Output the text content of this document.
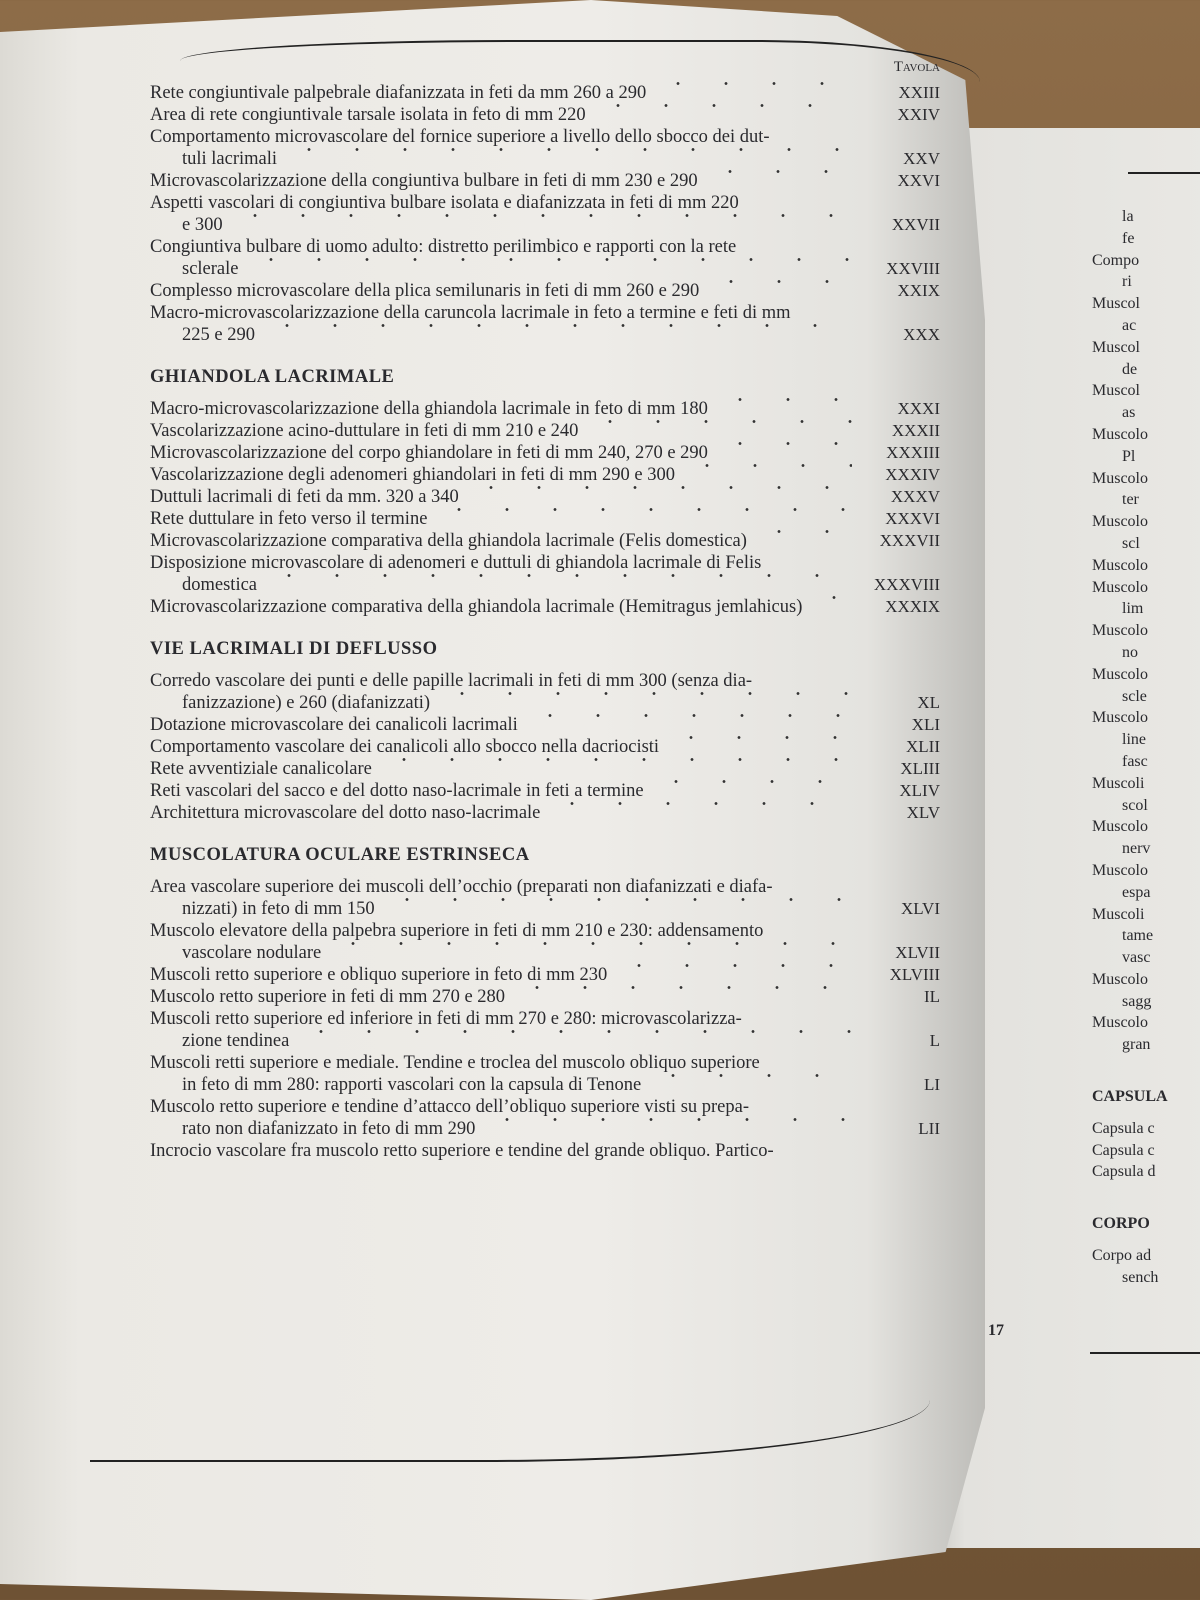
la
fe
Compo
ri
Muscol
ac
Muscol
de
Muscol
as
Muscolo
Pl
Muscolo
ter
Muscolo
scl
Muscolo
Muscolo
lim
Muscolo
no
Muscolo
scle
Muscolo
line
fasc
Muscoli
scol
Muscolo
nerv
Muscolo
espa
Muscoli
tame
vasc
Muscolo
sagg
Muscolo
gran
CAPSULA
Capsula c
Capsula c
Capsula d
CORPO
Corpo ad
sench
Tavola
Rete congiuntivale palpebrale diafanizzata in feti da mm 260 a 290	XXIII
Area di rete congiuntivale tarsale isolata in feto di mm 220	XXIV
Comportamento microvascolare del fornice superiore a livello dello sbocco dei dut-
tuli lacrimali	XXV
Microvascolarizzazione della congiuntiva bulbare in feti di mm 230 e 290	XXVI
Aspetti vascolari di congiuntiva bulbare isolata e diafanizzata in feti di mm 220
e 300	XXVII
Congiuntiva bulbare di uomo adulto: distretto perilimbico e rapporti con la rete
sclerale	XXVIII
Complesso microvascolare della plica semilunaris in feti di mm 260 e 290	XXIX
Macro-microvascolarizzazione della caruncola lacrimale in feto a termine e feti di mm
225 e 290	XXX
GHIANDOLA LACRIMALE
Macro-microvascolarizzazione della ghiandola lacrimale in feto di mm 180	XXXI
Vascolarizzazione acino-duttulare in feti di mm 210 e 240	XXXII
Microvascolarizzazione del corpo ghiandolare in feti di mm 240, 270 e 290	XXXIII
Vascolarizzazione degli adenomeri ghiandolari in feti di mm 290 e 300	XXXIV
Duttuli lacrimali di feti da mm. 320 a 340	XXXV
Rete duttulare in feto verso il termine	XXXVI
Microvascolarizzazione comparativa della ghiandola lacrimale (Felis domestica)	XXXVII
Disposizione microvascolare di adenomeri e duttuli di ghiandola lacrimale di Felis
domestica	XXXVIII
Microvascolarizzazione comparativa della ghiandola lacrimale (Hemitragus jemlahicus)	XXXIX
VIE LACRIMALI DI DEFLUSSO
Corredo vascolare dei punti e delle papille lacrimali in feti di mm 300 (senza dia-
fanizzazione) e 260 (diafanizzati)	XL
Dotazione microvascolare dei canalicoli lacrimali	XLI
Comportamento vascolare dei canalicoli allo sbocco nella dacriocisti	XLII
Rete avventiziale canalicolare	XLIII
Reti vascolari del sacco e del dotto naso-lacrimale in feti a termine	XLIV
Architettura microvascolare del dotto naso-lacrimale	XLV
MUSCOLATURA OCULARE ESTRINSECA
Area vascolare superiore dei muscoli dell’occhio (preparati non diafanizzati e diafa-
nizzati) in feto di mm 150	XLVI
Muscolo elevatore della palpebra superiore in feti di mm 210 e 230: addensamento
vascolare nodulare	XLVII
Muscoli retto superiore e obliquo superiore in feto di mm 230	XLVIII
Muscolo retto superiore in feti di mm 270 e 280	IL
Muscoli retto superiore ed inferiore in feti di mm 270 e 280: microvascolarizza-
zione tendinea	L
Muscoli retti superiore e mediale. Tendine e troclea del muscolo obliquo superiore
in feto di mm 280: rapporti vascolari con la capsula di Tenone	LI
Muscolo retto superiore e tendine d’attacco dell’obliquo superiore visti su prepa-
rato non diafanizzato in feto di mm 290	LII
Incrocio vascolare fra muscolo retto superiore e tendine del grande obliquo. Partico-
17
